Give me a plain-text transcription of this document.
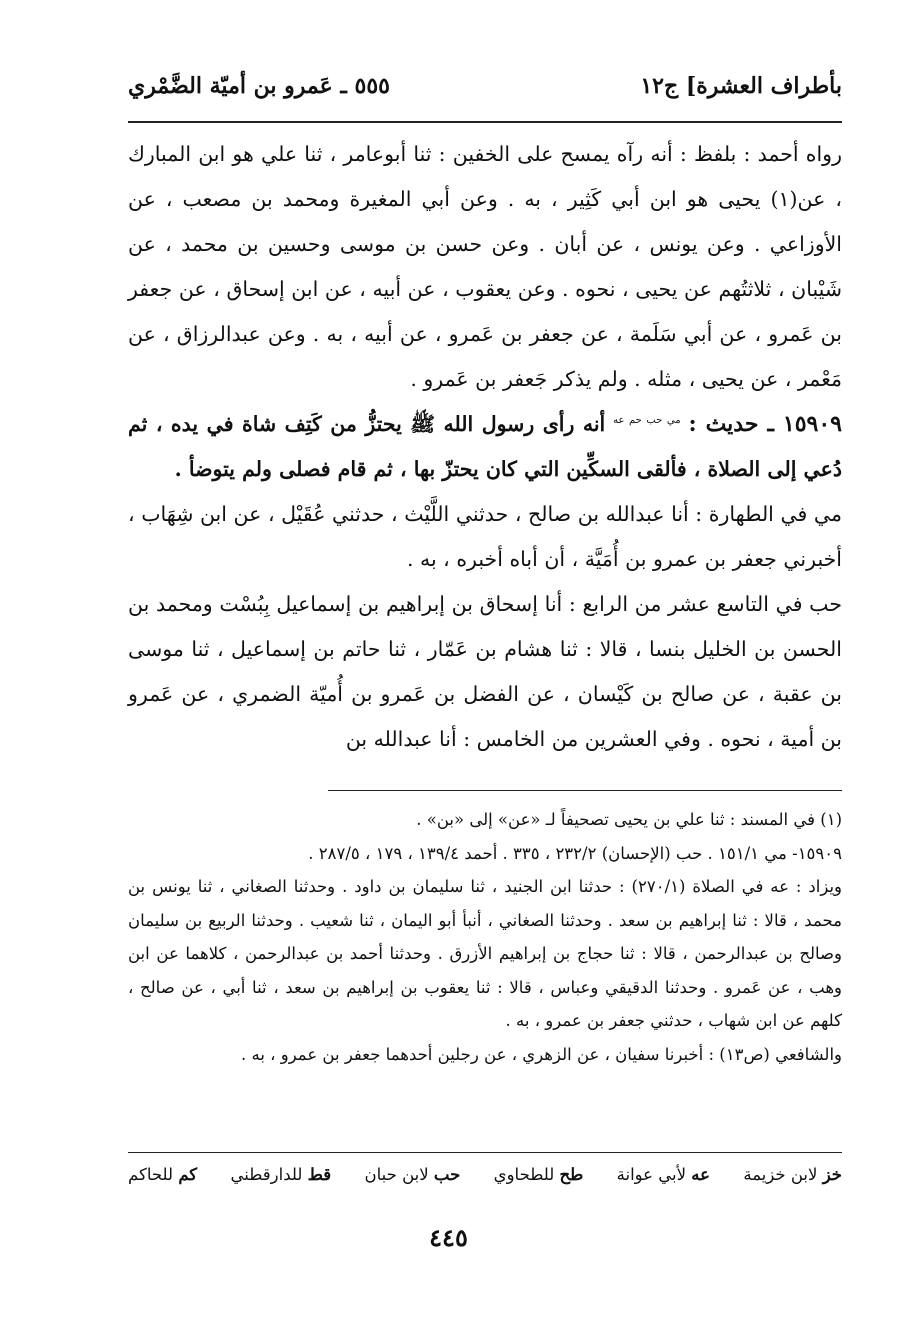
بأطراف العشرة] ج١٢
٥٥٥ ـ عَمرو بن أميّة الضَّمْري

رواه أحمد : بلفظ : أنه رآه يمسح على الخفين : ثنا أبوعامر ، ثنا علي هو ابن المبارك ، عن(١) يحيى هو ابن أبي كَثِير ، به . وعن أبي المغيرة ومحمد بن مصعب ، عن الأوزاعي . وعن يونس ، عن أبان . وعن حسن بن موسى وحسين بن محمد ، عن شَيْبان ، ثلاثتُهم عن يحيى ، نحوه . وعن يعقوب ، عن أبيه ، عن ابن إسحاق ، عن جعفر بن عَمرو ، عن أبي سَلَمة ، عن جعفر بن عَمرو ، عن أبيه ، به . وعن عبدالرزاق ، عن مَعْمر ، عن يحيى ، مثله . ولم يذكر جَعفر بن عَمرو .

١٥٩٠٩ ـ حديث : $^{مي حب حم عه}$ أنه رأى رسول الله ﷺ يحتزُّ من كَتِف شاة في يده ، ثم دُعي إلى الصلاة ، فألقى السكِّين التي كان يحتزّ بها ، ثم قام فصلى ولم يتوضأ .

مي في الطهارة : أنا عبدالله بن صالح ، حدثني اللَّيْث ، حدثني عُقَيْل ، عن ابن شِهَاب ، أخبرني جعفر بن عمرو بن أُمَيَّة ، أن أباه أخبره ، به .

حب في التاسع عشر من الرابع : أنا إسحاق بن إبراهيم بن إسماعيل بِبُسْت ومحمد بن الحسن بن الخليل بنسا ، قالا : ثنا هشام بن عَمّار ، ثنا حاتم بن إسماعيل ، ثنا موسى بن عقبة ، عن صالح بن كَيْسان ، عن الفضل بن عَمرو بن أُميّة الضمري ، عن عَمرو بن أمية ، نحوه . وفي العشرين من الخامس : أنا عبدالله بن

(١) في المسند : ثنا علي بن يحيى تصحيفاً لـ «عن» إلى «بن» .

١٥٩٠٩- مي ١٥١/١ . حب (الإحسان) ٢٣٢/٢ ، ٣٣٥ . أحمد ١٣٩/٤ ، ١٧٩ ، ٢٨٧/٥ .

ويزاد : عه في الصلاة (٢٧٠/١) : حدثنا ابن الجنيد ، ثنا سليمان بن داود . وحدثنا الصغاني ، ثنا يونس بن محمد ، قالا : ثنا إبراهيم بن سعد . وحدثنا الصغاني ، أنبأ أبو اليمان ، ثنا شعيب . وحدثنا الربيع بن سليمان وصالح بن عبدالرحمن ، قالا : ثنا حجاج بن إبراهيم الأزرق . وحدثنا أحمد بن عبدالرحمن ، كلاهما عن ابن وهب ، عن عَمرو . وحدثنا الدقيقي وعباس ، قالا : ثنا يعقوب بن إبراهيم بن سعد ، ثنا أبي ، عن صالح ، كلهم عن ابن شهاب ، حدثني جعفر بن عمرو ، به .

والشافعي (ص١٣) : أخبرنا سفيان ، عن الزهري ، عن رجلين أحدهما جعفر بن عمرو ، به .

خز لابن خزيمة
عه لأبي عوانة
طح للطحاوي
حب لابن حبان
قط للدارقطني
كم للحاكم
٤٤٥
